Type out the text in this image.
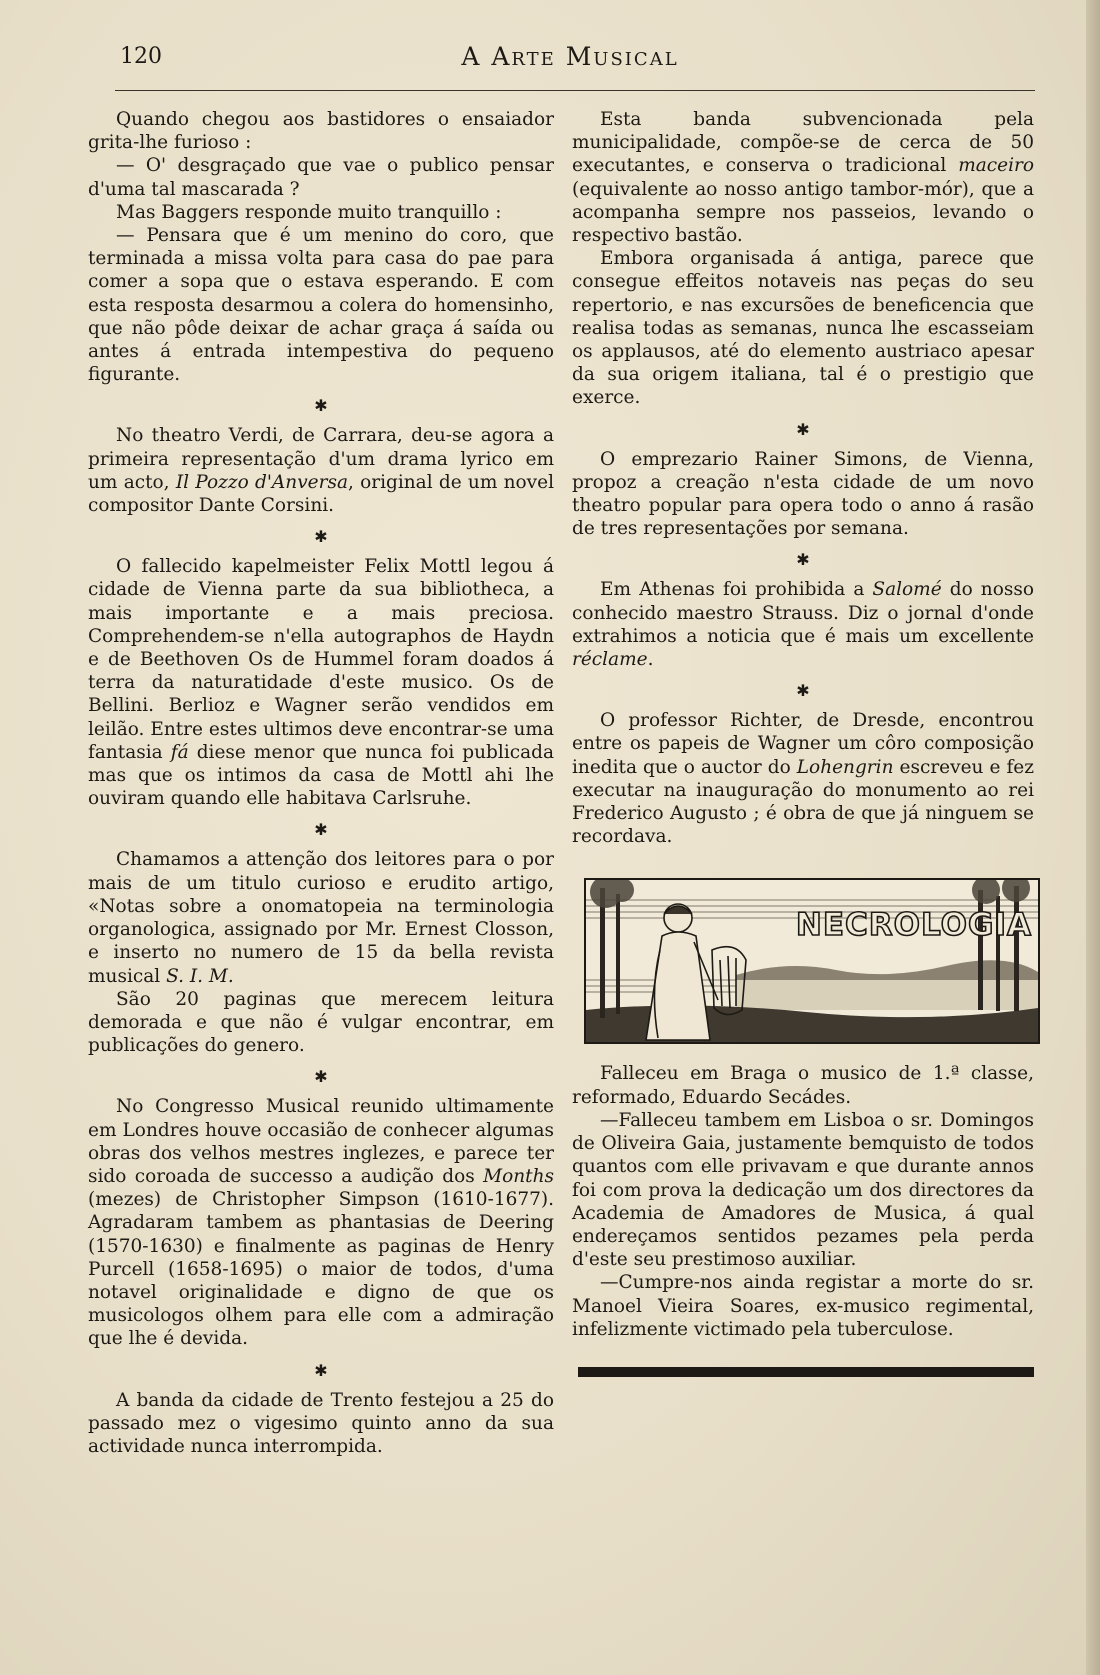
120	A Arte Musical

Quando chegou aos bastidores o ensaiador grita-lhe furioso :

— O' desgraçado que vae o publico pensar d'uma tal mascarada ?

Mas Baggers responde muito tranquillo :

— Pensara que é um menino do coro, que terminada a missa volta para casa do pae para comer a sopa que o estava esperando. E com esta resposta desarmou a colera do homensinho, que não pôde deixar de achar graça á saída ou antes á entrada intempestiva do pequeno figurante.

✱

No theatro Verdi, de Carrara, deu-se agora a primeira representação d'um drama lyrico em um acto, Il Pozzo d'Anversa, original de um novel compositor Dante Corsini.

✱

O fallecido kapelmeister Felix Mottl legou á cidade de Vienna parte da sua bibliotheca, a mais importante e a mais preciosa. Comprehendem-se n'ella autographos de Haydn e de Beethoven Os de Hummel foram doados á terra da naturatidade d'este musico. Os de Bellini. Berlioz e Wagner serão vendidos em leilão. Entre estes ultimos deve encontrar-se uma fantasia fá diese menor que nunca foi publicada mas que os intimos da casa de Mottl ahi lhe ouviram quando elle habitava Carlsruhe.

✱

Chamamos a attenção dos leitores para o por mais de um titulo curioso e erudito artigo, «Notas sobre a onomatopeia na terminologia organologica, assignado por Mr. Ernest Closson, e inserto no numero de 15 da bella revista musical S. I. M.

São 20 paginas que merecem leitura demorada e que não é vulgar encontrar, em publicações do genero.

✱

No Congresso Musical reunido ultimamente em Londres houve occasião de conhecer algumas obras dos velhos mestres inglezes, e parece ter sido coroada de successo a audição dos Months (mezes) de Christopher Simpson (1610-1677). Agradaram tambem as phantasias de Deering (1570-1630) e finalmente as paginas de Henry Purcell (1658-1695) o maior de todos, d'uma notavel originalidade e digno de que os musicologos olhem para elle com a admiração que lhe é devida.

✱

A banda da cidade de Trento festejou a 25 do passado mez o vigesimo quinto anno da sua actividade nunca interrompida.

Esta banda subvencionada pela municipalidade, compõe-se de cerca de 50 executantes, e conserva o tradicional maceiro (equivalente ao nosso antigo tambor-mór), que a acompanha sempre nos passeios, levando o respectivo bastão.

Embora organisada á antiga, parece que consegue effeitos notaveis nas peças do seu repertorio, e nas excursões de beneficencia que realisa todas as semanas, nunca lhe escasseiam os applausos, até do elemento austriaco apesar da sua origem italiana, tal é o prestigio que exerce.

✱

O emprezario Rainer Simons, de Vienna, propoz a creação n'esta cidade de um novo theatro popular para opera todo o anno á rasão de tres representações por semana.

✱

Em Athenas foi prohibida a Salomé do nosso conhecido maestro Strauss. Diz o jornal d'onde extrahimos a noticia que é mais um excellente réclame.

✱

O professor Richter, de Dresde, encontrou entre os papeis de Wagner um côro composição inedita que o auctor do Lohengrin escreveu e fez executar na inauguração do monumento ao rei Frederico Augusto ; é obra de que já ninguem se recordava.

NECROLOGIA

Falleceu em Braga o musico de 1.ª classe, reformado, Eduardo Secádes.

—Falleceu tambem em Lisboa o sr. Domingos de Oliveira Gaia, justamente bemquisto de todos quantos com elle privavam e que durante annos foi com prova la dedicação um dos directores da Academia de Amadores de Musica, á qual endereçamos sentidos pezames pela perda d'este seu prestimoso auxiliar.

—Cumpre-nos ainda registar a morte do sr. Manoel Vieira Soares, ex-musico regimental, infelizmente victimado pela tuberculose.
